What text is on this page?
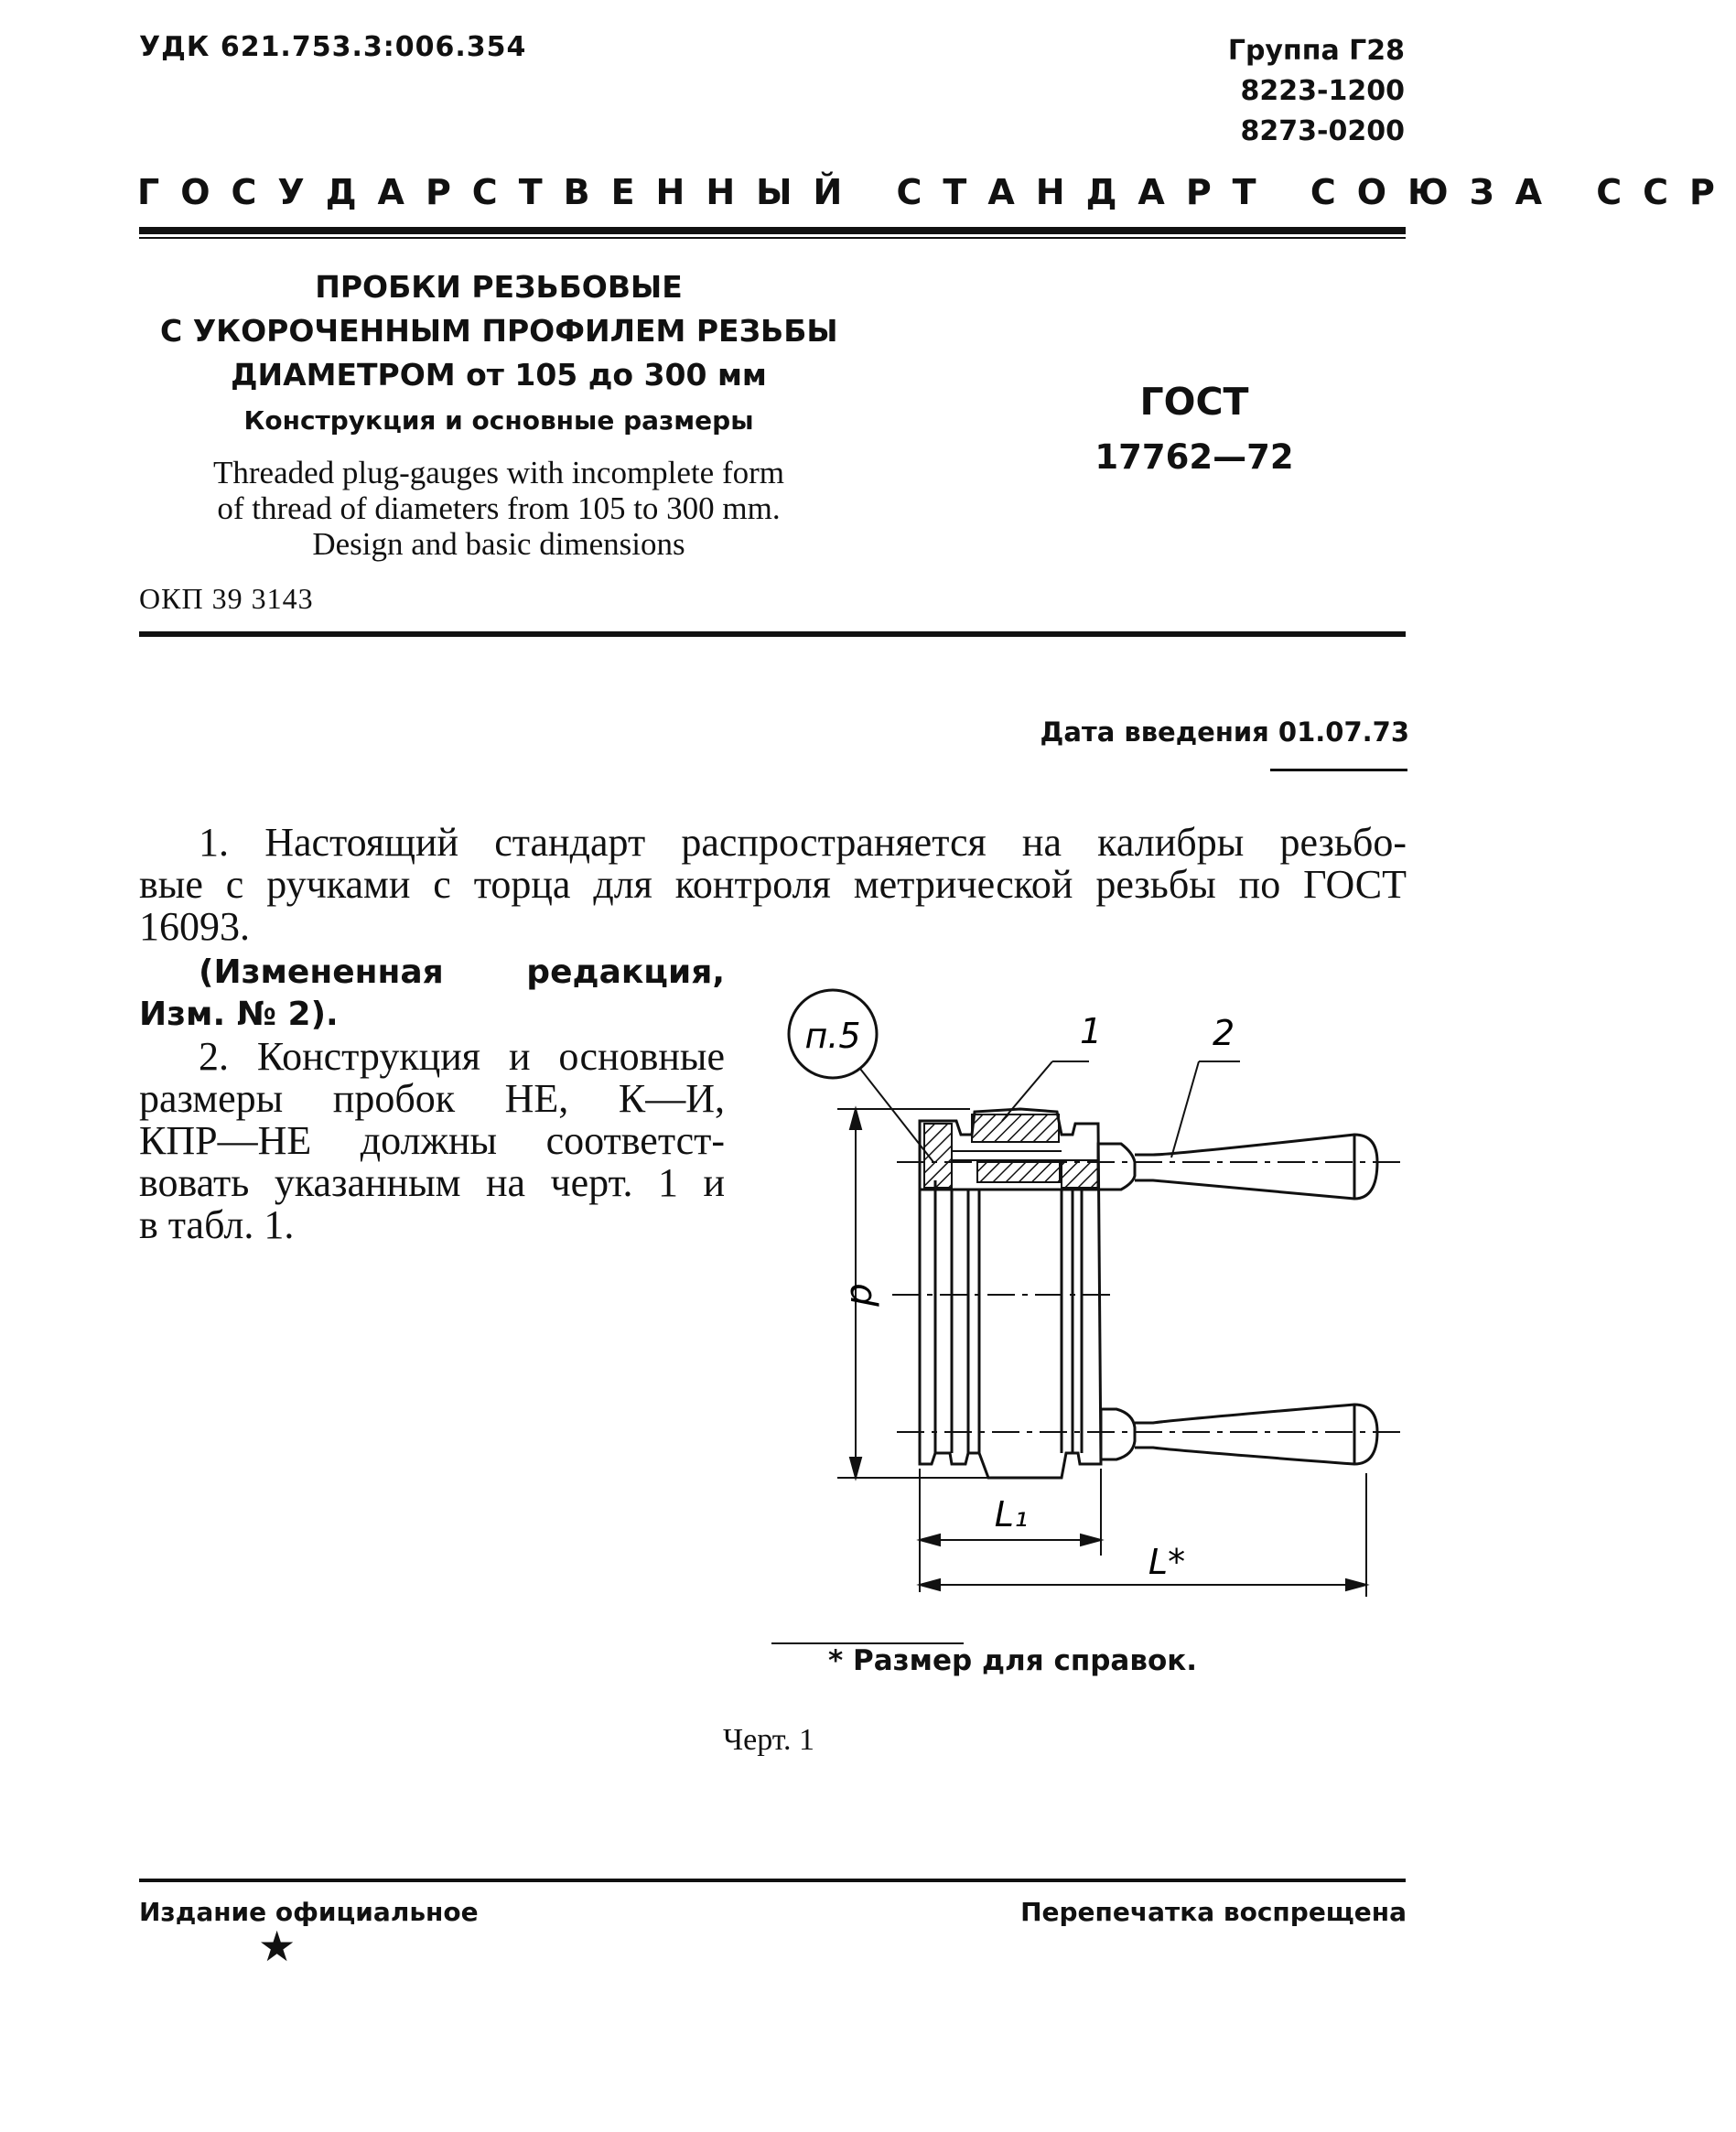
УДК 621.753.3:006.354	Группа Г28
8223-1200
8273-0200
ГОСУДАРСТВЕННЫЙ СТАНДАРТ СОЮЗА ССР
ПРОБКИ РЕЗЬБОВЫЕ
С УКОРОЧЕННЫМ ПРОФИЛЕМ РЕЗЬБЫ
ДИАМЕТРОМ от 105 до 300 мм
Конструкция и основные размеры
Threaded plug-gauges with incomplete form
of thread of diameters from 105 to 300 mm.
Design and basic dimensions
ГОСТ
17762—72
ОКП 39 3143
Дата введения 01.07.73
1. Настоящий стандарт распространяется на калибры резьбо-
вые с ручками с торца для контроля метрической резьбы по ГОСТ
16093.
(Измененная редакция,
Изм. № 2).
2. Конструкция и основные
размеры пробок НЕ, К—И,
КПР—НЕ должны соответст-
вовать указанным на черт. 1 и
в табл. 1.
п.5	1	2
d
L₁
L*
* Размер для справок.
Черт. 1
Издание официальное
★
Перепечатка воспрещена
